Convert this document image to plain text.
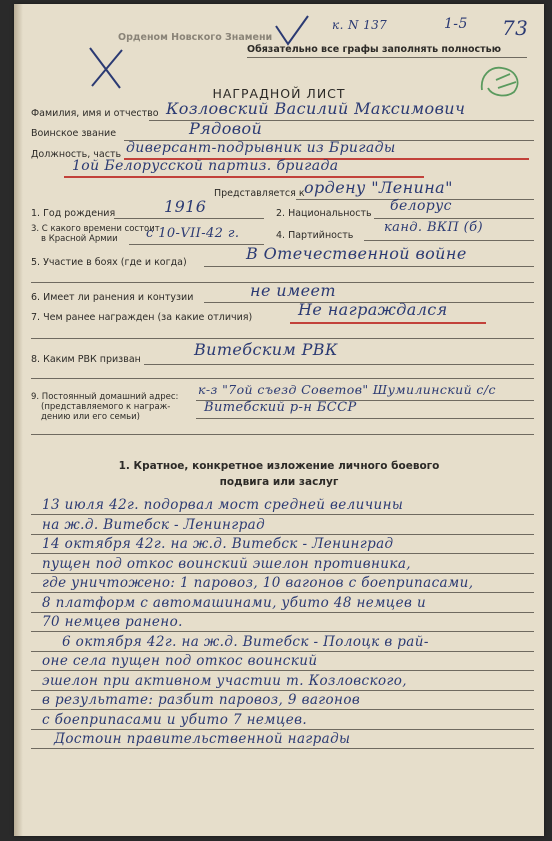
Орденом Новского Знамени
Обязательно все графы заполнять полностью
к. N 137	1-5 73
НАГРАДНОЙ ЛИСТ
Фамилия, имя и отчество Козловский Василий Максимович
Воинское звание	Рядовой
Должность, часть диверсант-подрывник из Бригады
1ой Белорусской партиз. бригада
Представляется к ордену "Ленина"
1. Год рождения	1916	2. Национальность белорус
3. С какого времени состоит
в Красной Армии с 10-VII-42 г.	4. Партийность
канд. ВКП (б)
5. Участие в боях (где и когда)	В Отечественной войне
6. Имеет ли ранения и контузии	не имеет
7. Чем ранее награжден (за какие отличия)	Не награждался
8. Каким РВК призван
Витебским РВК
9. Постоянный домашний адрес:
(представляемого к награж-
дению или его семьи)
к-з "7ой съезд Советов" Шумилинский с/с
Витебский р-н БССР
1. Кратное, конкретное изложение личного боевого
подвига или заслуг
13 июля 42г. подорвал мост средней величины
на ж.д. Витебск - Ленинград
14 октября 42г. на ж.д. Витебск - Ленинград
пущен под откос воинский эшелон противника,
где уничтожено: 1 паровоз, 10 вагонов с боеприпасами,
8 платформ с автомашинами, убито 48 немцев и
70 немцев ранено.
6 октября 42г. на ж.д. Витебск - Полоцк в рай-
оне села пущен под откос воинский
эшелон при активном участии т. Козловского,
в результате: разбит паровоз, 9 вагонов
с боеприпасами и убито 7 немцев.
Достоин правительственной награды
